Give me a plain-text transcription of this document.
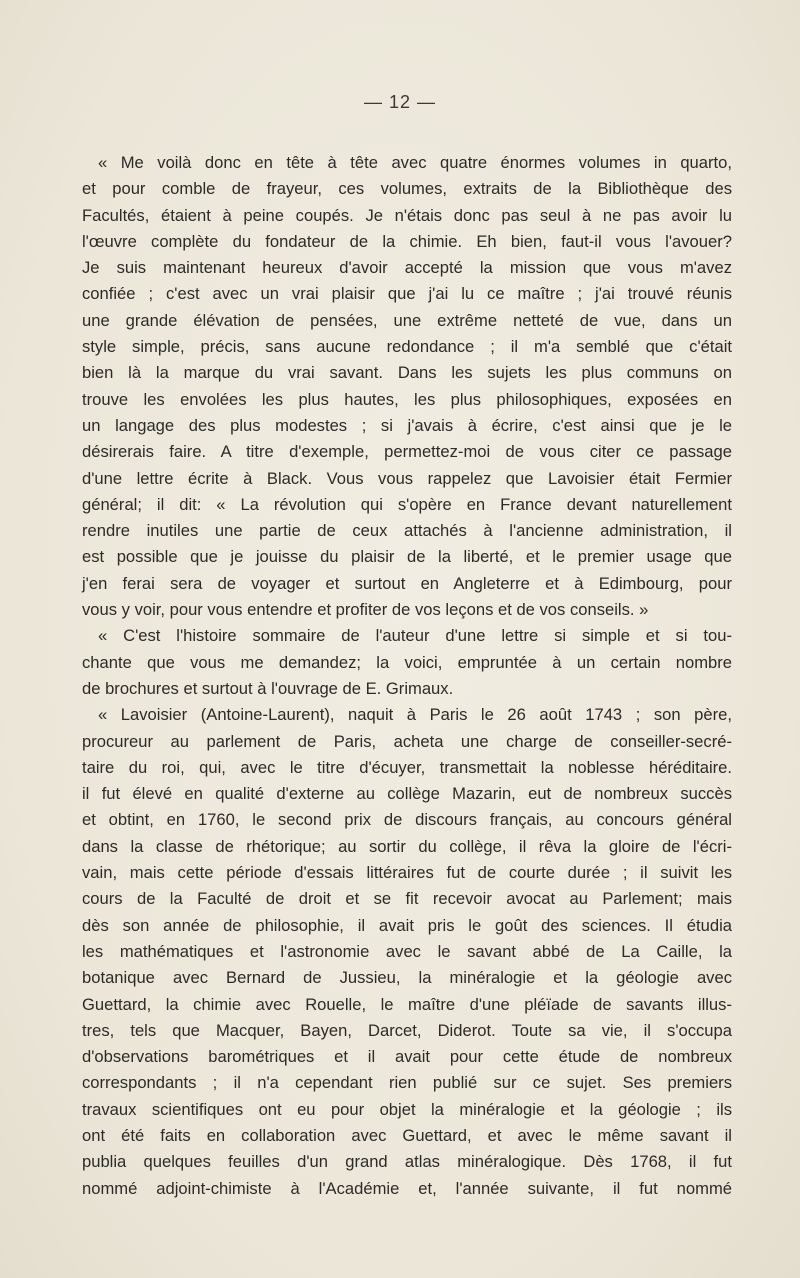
— 12 —
« Me voilà donc en tête à tête avec quatre énormes volumes in quarto,
et pour comble de frayeur, ces volumes, extraits de la Bibliothèque des
Facultés, étaient à peine coupés. Je n'étais donc pas seul à ne pas avoir lu
l'œuvre complète du fondateur de la chimie. Eh bien, faut-il vous l'avouer?
Je suis maintenant heureux d'avoir accepté la mission que vous m'avez
confiée ; c'est avec un vrai plaisir que j'ai lu ce maître ; j'ai trouvé réunis
une grande élévation de pensées, une extrême netteté de vue, dans un
style simple, précis, sans aucune redondance ; il m'a semblé que c'était
bien là la marque du vrai savant. Dans les sujets les plus communs on
trouve les envolées les plus hautes, les plus philosophiques, exposées en
un langage des plus modestes ; si j'avais à écrire, c'est ainsi que je le
désirerais faire. A titre d'exemple, permettez-moi de vous citer ce passage
d'une lettre écrite à Black. Vous vous rappelez que Lavoisier était Fermier
général; il dit: « La révolution qui s'opère en France devant naturellement
rendre inutiles une partie de ceux attachés à l'ancienne administration, il
est possible que je jouisse du plaisir de la liberté, et le premier usage que
j'en ferai sera de voyager et surtout en Angleterre et à Edimbourg, pour
vous y voir, pour vous entendre et profiter de vos leçons et de vos conseils. »
« C'est l'histoire sommaire de l'auteur d'une lettre si simple et si tou-
chante que vous me demandez; la voici, empruntée à un certain nombre
de brochures et surtout à l'ouvrage de E. Grimaux.
« Lavoisier (Antoine-Laurent), naquit à Paris le 26 août 1743 ; son père,
procureur au parlement de Paris, acheta une charge de conseiller-secré-
taire du roi, qui, avec le titre d'écuyer, transmettait la noblesse héréditaire.
il fut élevé en qualité d'externe au collège Mazarin, eut de nombreux succès
et obtint, en 1760, le second prix de discours français, au concours général
dans la classe de rhétorique; au sortir du collège, il rêva la gloire de l'écri-
vain, mais cette période d'essais littéraires fut de courte durée ; il suivit les
cours de la Faculté de droit et se fit recevoir avocat au Parlement; mais
dès son année de philosophie, il avait pris le goût des sciences. Il étudia
les mathématiques et l'astronomie avec le savant abbé de La Caille, la
botanique avec Bernard de Jussieu, la minéralogie et la géologie avec
Guettard, la chimie avec Rouelle, le maître d'une pléïade de savants illus-
tres, tels que Macquer, Bayen, Darcet, Diderot. Toute sa vie, il s'occupa
d'observations barométriques et il avait pour cette étude de nombreux
correspondants ; il n'a cependant rien publié sur ce sujet. Ses premiers
travaux scientifiques ont eu pour objet la minéralogie et la géologie ; ils
ont été faits en collaboration avec Guettard, et avec le même savant il
publia quelques feuilles d'un grand atlas minéralogique. Dès 1768, il fut
nommé adjoint-chimiste à l'Académie et, l'année suivante, il fut nommé
